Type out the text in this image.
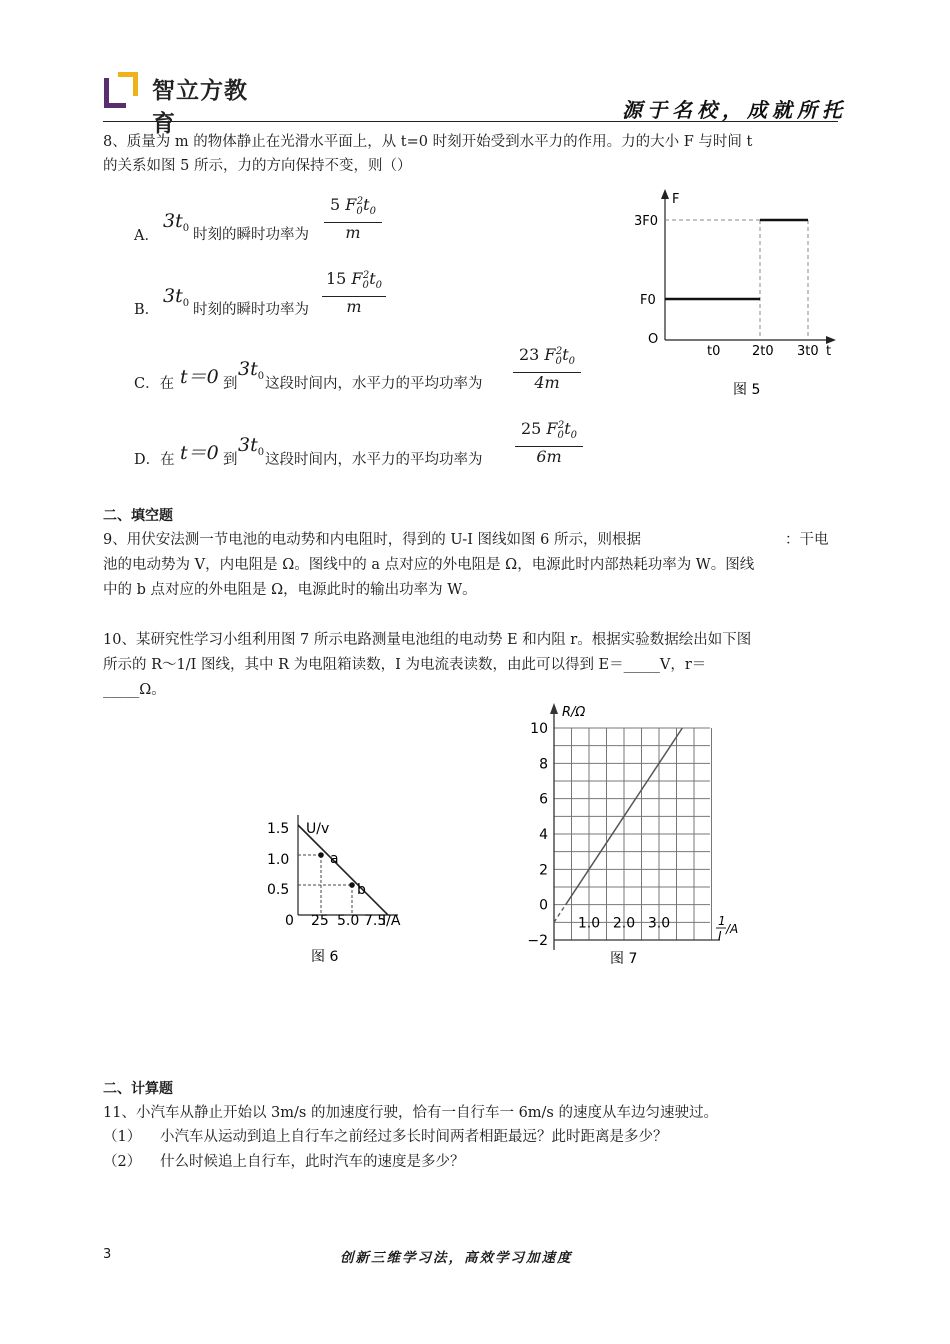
智立方教育
源于名校，成就所托
8、质量为 m 的物体静止在光滑水平面上，从 t=0 时刻开始受到水平力的作用。力的大小 F 与时间 t
的关系如图 5 所示，力的方向保持不变，则（）
A．
$3t_0$ 时刻的瞬时功率为 $\frac{5 F_0^2t_0}{m}$
B．
$3t_0$ 时刻的瞬时功率为 $\frac{15 F_0^2t_0}{m}$
C．在 t＝0 到
$3t_0$ 这段时间内，水平力的平均功率为 $\frac{23 F_0^2t_0}{4m}$
D．在 t＝0 到
$3t_0$ 这段时间内，水平力的平均功率为 $\frac{25 F_0^2t_0}{6m}$
F
t
O
F0
3F0
t0 2t0 3t0
图 5
二、填空题
9、用伏安法测一节电池的电动势和内电阻时，得到的 U-I 图线如图 6 所示，则根据	：干电
池的电动势为 V，内电阻是 Ω。图线中的 a 点对应的外电阻是 Ω，电源此时内部热耗功率为 W。图线
中的 b 点对应的外电阻是 Ω，电源此时的输出功率为 W。
10、某研究性学习小组利用图 7 所示电路测量电池组的电动势 E 和内阻 r。根据实验数据绘出如下图
所示的 R～1/I 图线，其中 R 为电阻箱读数，I 为电流表读数，由此可以得到 E＝_____V，r＝
_____Ω。
1.5
1.0
0.5
U/v
a
b
0 25 5.0 7.5
I/A
图 6
R/Ω
10
8
6
4
2
0
−2
1.0 2.0 3.0	1
I /A
图 7
二、计算题
11、小汽车从静止开始以 3m/s 的加速度行驶，恰有一自行车一 6m/s 的速度从车边匀速驶过。
（1） 小汽车从运动到追上自行车之前经过多长时间两者相距最远？此时距离是多少？
（2） 什么时候追上自行车，此时汽车的速度是多少？
3	创新三维学习法，高效学习加速度
